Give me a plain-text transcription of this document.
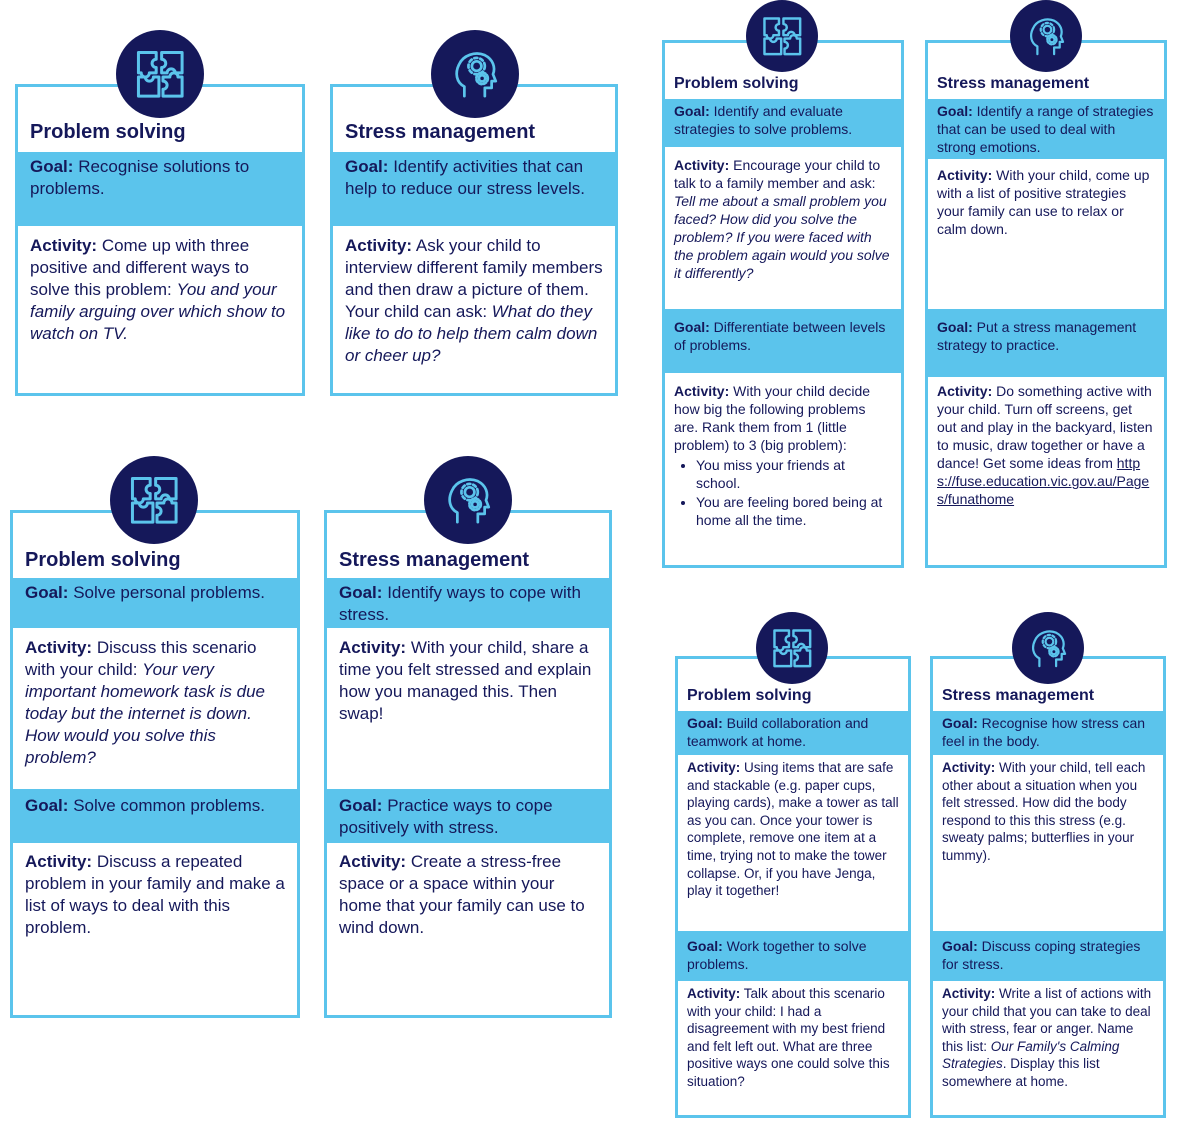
Problem solving
Goal: Recognise solutions to problems.
Activity: Come up with three positive and different ways to solve this problem: You and your family arguing over which show to watch on TV.
Stress management
Goal: Identify activities that can help to reduce our stress levels.
Activity: Ask your child to interview different family members and then draw a picture of them. Your child can ask: What do they like to do to help them calm down or cheer up?
Problem solving
Goal: Solve personal problems.
Activity: Discuss this scenario with your child: Your very important homework task is due today but the internet is down. How would you solve this problem?
Goal: Solve common problems.
Activity: Discuss a repeated problem in your family and make a list of ways to deal with this problem.
Stress management
Goal: Identify ways to cope with stress.
Activity: With your child, share a time you felt stressed and explain how you managed this. Then swap!
Goal: Practice ways to cope positively with stress.
Activity: Create a stress-free space or a space within your home that your family can use to wind down.
Problem solving
Goal: Identify and evaluate strategies to solve problems.
Activity: Encourage your child to talk to a family member and ask: Tell me about a small problem you faced? How did you solve the problem? If you were faced with the problem again would you solve it differently?
Goal: Differentiate between levels of problems.
Activity: With your child decide how big the following problems are. Rank them from 1 (little problem) to 3 (big problem):
• You miss your friends at school.
• You are feeling bored being at home all the time.
Stress management
Goal: Identify a range of strategies that can be used to deal with strong emotions.
Activity: With your child, come up with a list of positive strategies your family can use to relax or calm down.
Goal: Put a stress management strategy to practice.
Activity: Do something active with your child. Turn off screens, get out and play in the backyard, listen to music, draw together or have a dance! Get some ideas from https://fuse.education.vic.gov.au/Pages/funathome
Problem solving
Goal: Build collaboration and teamwork at home.
Activity: Using items that are safe and stackable (e.g. paper cups, playing cards), make a tower as tall as you can. Once your tower is complete, remove one item at a time, trying not to make the tower collapse. Or, if you have Jenga, play it together!
Goal: Work together to solve problems.
Activity: Talk about this scenario with your child: I had a disagreement with my best friend and felt left out. What are three positive ways one could solve this situation?
Stress management
Goal: Recognise how stress can feel in the body.
Activity: With your child, tell each other about a situation when you felt stressed. How did the body respond to this this stress (e.g. sweaty palms; butterflies in your tummy).
Goal: Discuss coping strategies for stress.
Activity: Write a list of actions with your child that you can take to deal with stress, fear or anger. Name this list: Our Family's Calming Strategies. Display this list somewhere at home.
